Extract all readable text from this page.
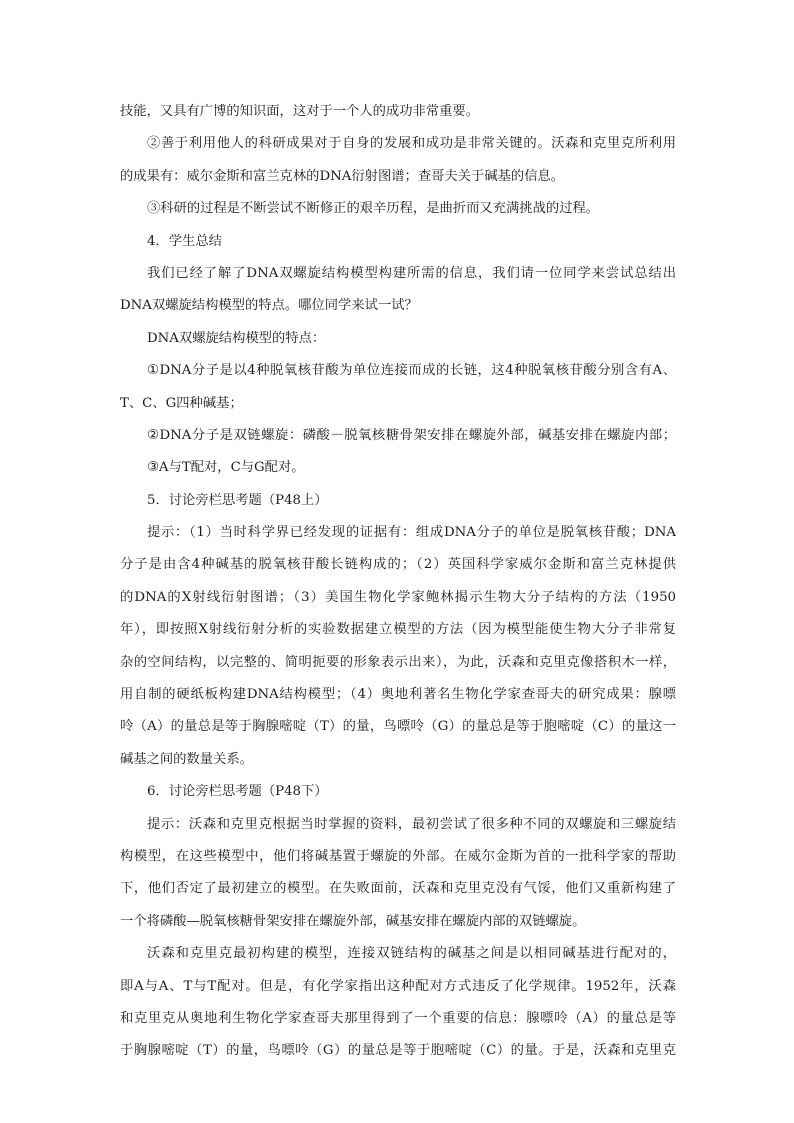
技能，又具有广博的知识面，这对于一个人的成功非常重要。

②善于利用他人的科研成果对于自身的发展和成功是非常关键的。沃森和克里克所利用

的成果有：威尔金斯和富兰克林的DNA衍射图谱；查哥夫关于碱基的信息。

③科研的过程是不断尝试不断修正的艰辛历程，是曲折而又充满挑战的过程。

4．学生总结

我们已经了解了DNA双螺旋结构模型构建所需的信息，我们请一位同学来尝试总结出

DNA双螺旋结构模型的特点。哪位同学来试一试？

DNA双螺旋结构模型的特点：

①DNA分子是以4种脱氧核苷酸为单位连接而成的长链，这4种脱氧核苷酸分别含有A、

T、C、G四种碱基；

②DNA分子是双链螺旋：磷酸－脱氧核糖骨架安排在螺旋外部，碱基安排在螺旋内部；

③A与T配对，C与G配对。

5．讨论旁栏思考题（P48上）

提示：（1）当时科学界已经发现的证据有：组成DNA分子的单位是脱氧核苷酸；DNA

分子是由含4种碱基的脱氧核苷酸长链构成的；（2）英国科学家威尔金斯和富兰克林提供

的DNA的X射线衍射图谱；（3）美国生物化学家鲍林揭示生物大分子结构的方法（1950

年），即按照X射线衍射分析的实验数据建立模型的方法（因为模型能使生物大分子非常复

杂的空间结构，以完整的、简明扼要的形象表示出来），为此，沃森和克里克像搭积木一样，

用自制的硬纸板构建DNA结构模型；（4）奥地利著名生物化学家查哥夫的研究成果：腺嘌

呤（A）的量总是等于胸腺嘧啶（T）的量，鸟嘌呤（G）的量总是等于胞嘧啶（C）的量这一

碱基之间的数量关系。

6．讨论旁栏思考题（P48下）

提示：沃森和克里克根据当时掌握的资料，最初尝试了很多种不同的双螺旋和三螺旋结

构模型，在这些模型中，他们将碱基置于螺旋的外部。在威尔金斯为首的一批科学家的帮助

下，他们否定了最初建立的模型。在失败面前，沃森和克里克没有气馁，他们又重新构建了

一个将磷酸—脱氧核糖骨架安排在螺旋外部，碱基安排在螺旋内部的双链螺旋。

沃森和克里克最初构建的模型，连接双链结构的碱基之间是以相同碱基进行配对的，

即A与A、T与T配对。但是，有化学家指出这种配对方式违反了化学规律。1952年，沃森

和克里克从奥地利生物化学家查哥夫那里得到了一个重要的信息：腺嘌呤（A）的量总是等

于胸腺嘧啶（T）的量，鸟嘌呤（G）的量总是等于胞嘧啶（C）的量。于是，沃森和克里克
